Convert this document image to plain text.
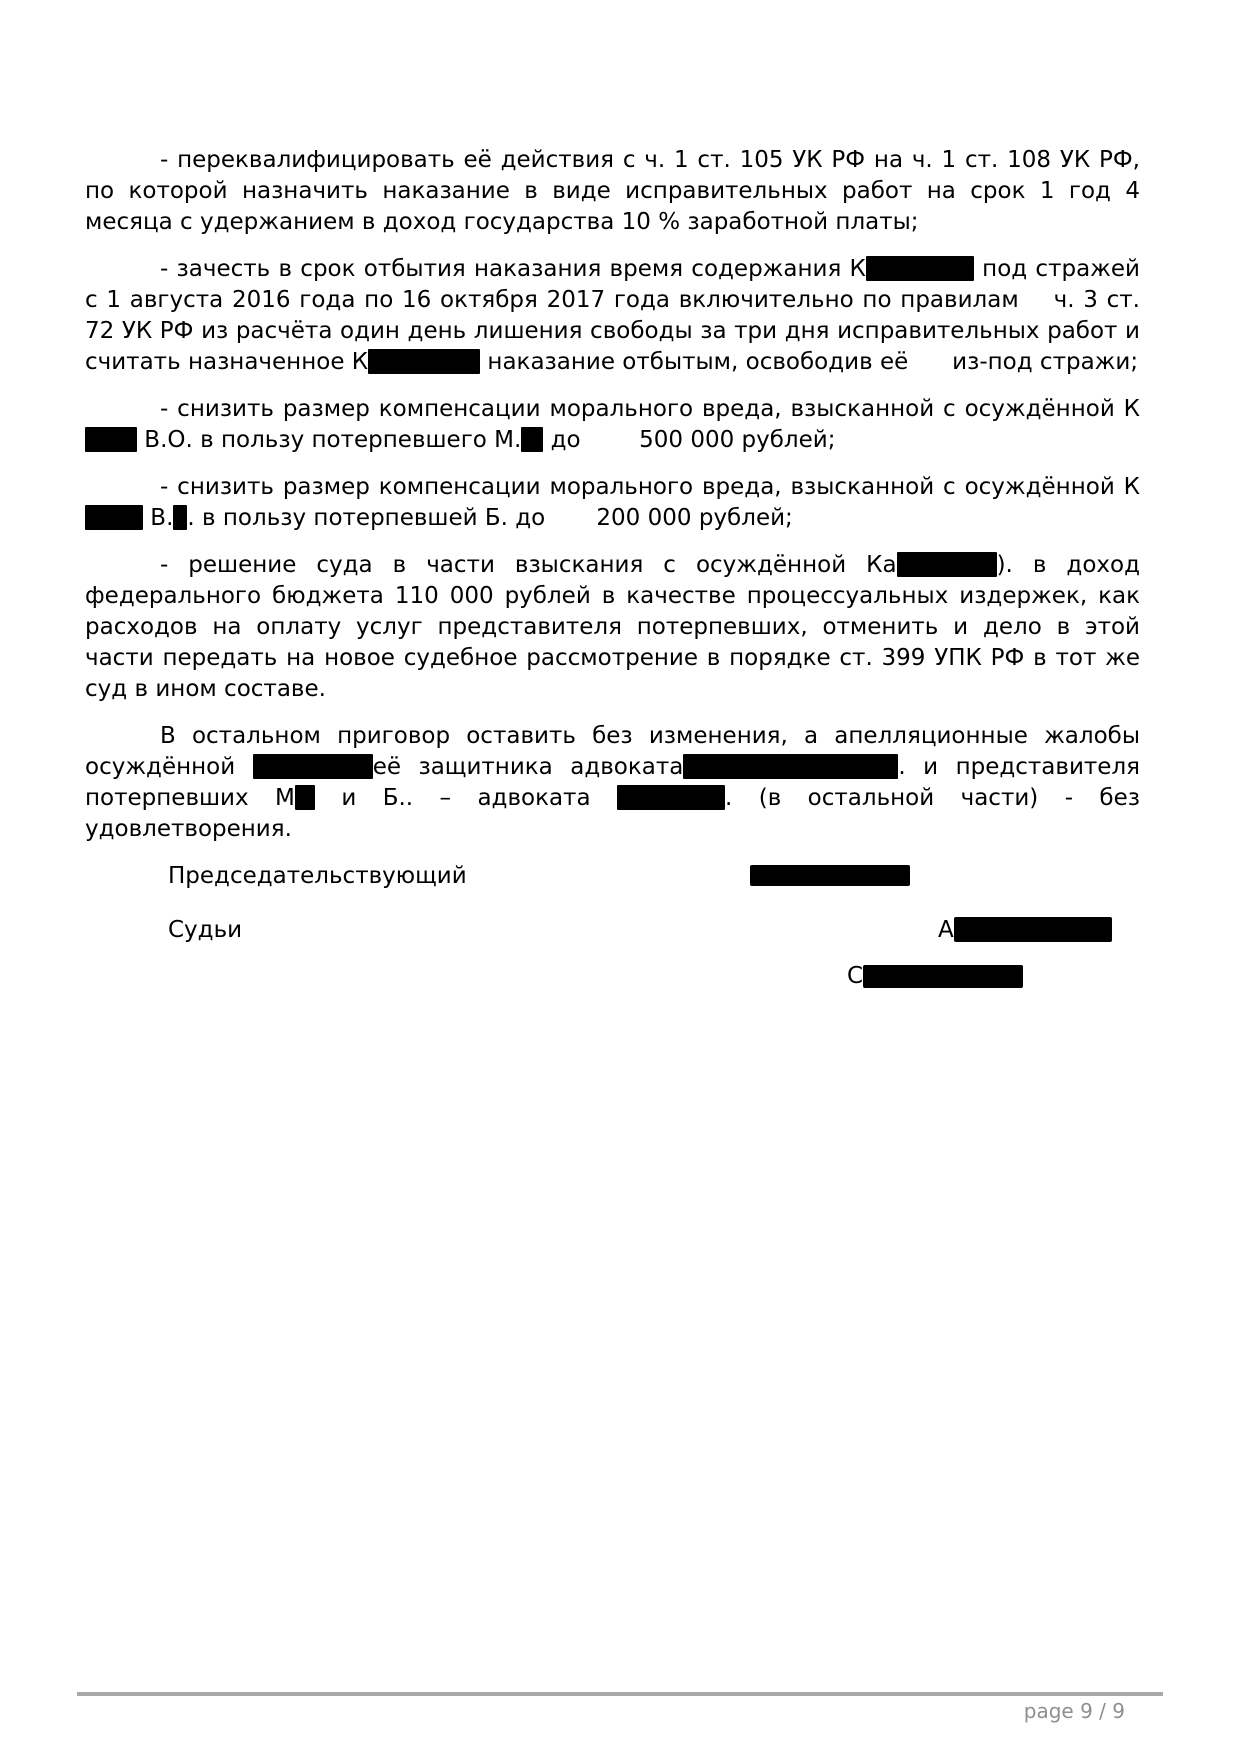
- переквалифицировать её действия с ч. 1 ст. 105 УК РФ на ч. 1 ст. 108 УК РФ, по которой назначить наказание в виде исправительных работ на срок 1 год 4 месяца с удержанием в доход государства 10 % заработной платы;

- зачесть в срок отбытия наказания время содержания К	под стражей с 1 августа 2016 года по 16 октября 2017 года включительно по правилам    ч. 3 ст. 72 УК РФ из расчёта один день лишения свободы за три дня исправительных работ и считать назначенное К	наказание отбытым, освободив её      из-под стражи;

- снизить размер компенсации морального вреда, взысканной с осуждённой К В.О. в пользу потерпевшего М. до        500 000 рублей;

- снизить размер компенсации морального вреда, взысканной с осуждённой К В. . в пользу потерпевшей Б. до       200 000 рублей;

- решение суда в части взыскания с осуждённой Ка	). в доход федерального бюджета 110 000 рублей в качестве процессуальных издержек, как расходов на оплату услуг представителя потерпевших, отменить и дело в этой части передать на новое судебное рассмотрение в порядке ст. 399 УПК РФ в тот же суд в ином составе.

В остальном приговор оставить без изменения, а апелляционные жалобы осуждённой	её защитника адвоката	. и представителя потерпевших М и Б.. – адвоката	. (в остальной части) - без удовлетворения.

Председательствующий
Судьи	А
С
page 9 / 9
